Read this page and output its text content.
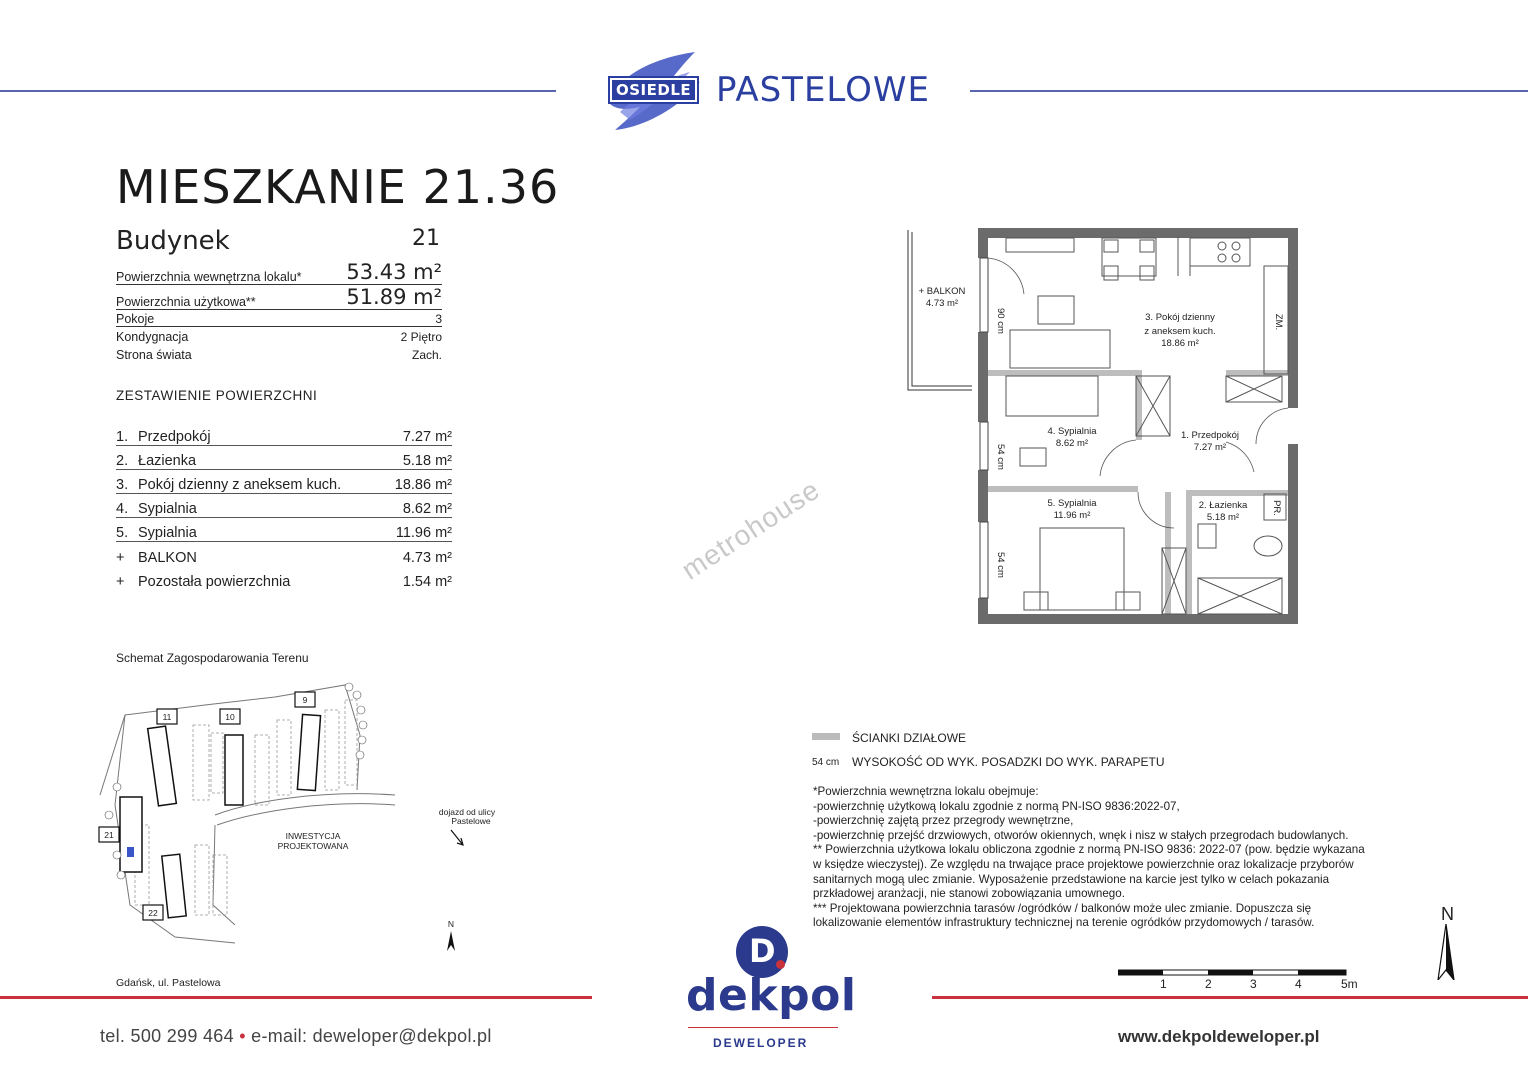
OSIEDLE PASTELOWE
MIESZKANIE 21.36
Budynek	21
Powierzchnia wewnętrzna lokalu* 53.43 m²
Powierzchnia użytkowa**	51.89 m²
Pokoje	3
Kondygnacja	2 Piętro
Strona świata	Zach.
ZESTAWIENIE POWIERZCHNI
1. Przedpokój	7.27 m²
2. Łazienka	5.18 m²
3. Pokój dzienny z aneksem kuch.	18.86 m²
4. Sypialnia	8.62 m²
5. Sypialnia	11.96 m²
+ BALKON	4.73 m²
+ Pozostała powierzchnia	1.54 m²
Schemat Zagospodarowania Terenu
11	10
9
21
22
INWESTYCJA
PROJEKTOWANA
dojazd od ulicy
Pastelowe
N
Gdańsk, ul. Pastelowa
metrohouse
+ BALKON
4.73 m²
3. Pokój dzienny
z aneksem kuch.
18.86 m²
4. Sypialnia
8.62 m²
1. Przedpokój
7.27 m²
5. Sypialnia
11.96 m²
2. Łazienka
5.18 m²
ZM.
PR.
90 cm
54 cm
54 cm
ŚCIANKI DZIAŁOWE
54 cm WYSOKOŚĆ OD WYK. POSADZKI DO WYK. PARAPETU
*Powierzchnia wewnętrzna lokalu obejmuje:
-powierzchnię użytkową lokalu zgodnie z normą PN-ISO 9836:2022-07,
-powierzchnię zajętą przez przegrody wewnętrzne,
-powierzchnię przejść drzwiowych, otworów okiennych, wnęk i nisz w stałych przegrodach budowlanych.
** Powierzchnia użytkowa lokalu obliczona zgodnie z normą PN-ISO 9836: 2022-07 (pow. będzie wykazana
w księdze wieczystej). Ze względu na trwające prace projektowe powierzchnie oraz lokalizacje przyborów
sanitarnych mogą ulec zmianie. Wyposażenie przedstawione na karcie jest tylko w celach pokazania
przkładowej aranżacji, nie stanowi zobowiązania umownego.
*** Projektowana powierzchnia tarasów /ogródków / balkonów może ulec zmianie. Dopuszcza się
lokalizowanie elementów infrastruktury technicznej na terenie ogródków przydomowych / tarasów.	N
1	2	3	4	5m
tel. 500 299 464 • e-mail: deweloper@dekpol.pl
D
dekpol
DEWELOPER	www.dekpoldeweloper.pl
